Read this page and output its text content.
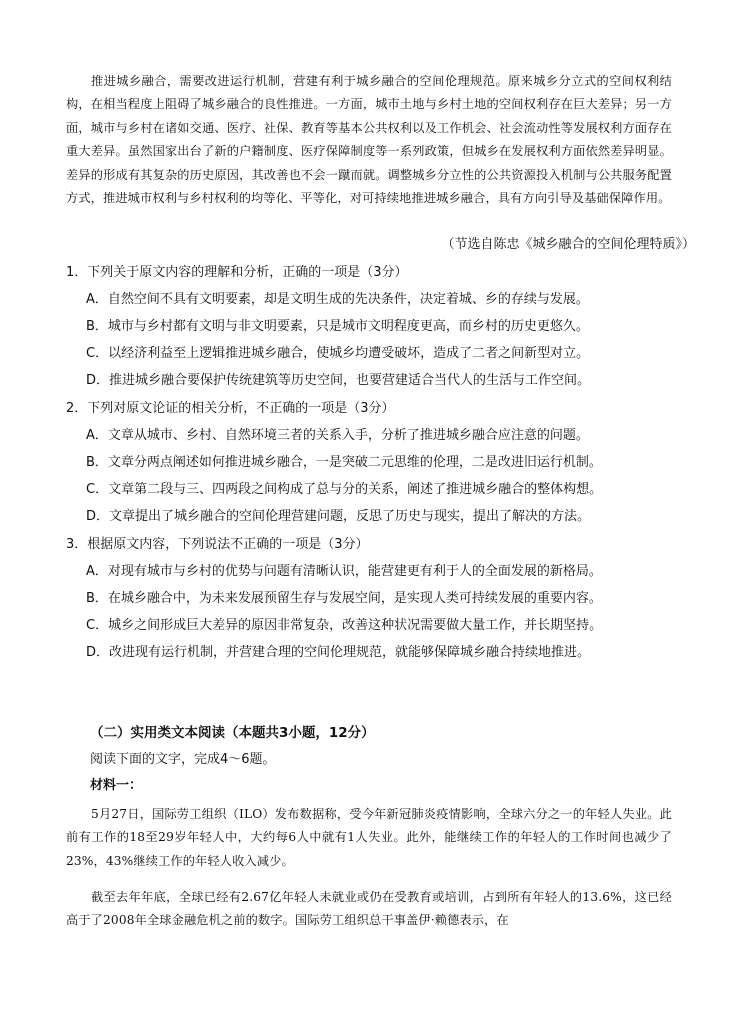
推进城乡融合，需要改进运行机制，营建有利于城乡融合的空间伦理规范。原来城乡分立式的空间权利结构，在相当程度上阻碍了城乡融合的良性推进。一方面，城市土地与乡村土地的空间权利存在巨大差异；另一方面，城市与乡村在诸如交通、医疗、社保、教育等基本公共权利以及工作机会、社会流动性等发展权利方面存在重大差异。虽然国家出台了新的户籍制度、医疗保障制度等一系列政策，但城乡在发展权利方面依然差异明显。差异的形成有其复杂的历史原因，其改善也不会一蹴而就。调整城乡分立性的公共资源投入机制与公共服务配置方式，推进城市权利与乡村权利的均等化、平等化，对可持续地推进城乡融合，具有方向引导及基础保障作用。

（节选自陈忠《城乡融合的空间伦理特质》）
1．下列关于原文内容的理解和分析，正确的一项是（3分）
A．自然空间不具有文明要素，却是文明生成的先决条件，决定着城、乡的存续与发展。
B．城市与乡村都有文明与非文明要素，只是城市文明程度更高，而乡村的历史更悠久。
C．以经济利益至上逻辑推进城乡融合，使城乡均遭受破坏，造成了二者之间新型对立。
D．推进城乡融合要保护传统建筑等历史空间，也要营建适合当代人的生活与工作空间。
2．下列对原文论证的相关分析，不正确的一项是（3分）
A．文章从城市、乡村、自然环境三者的关系入手，分析了推进城乡融合应注意的问题。
B．文章分两点阐述如何推进城乡融合，一是突破二元思维的伦理，二是改进旧运行机制。
C．文章第二段与三、四两段之间构成了总与分的关系，阐述了推进城乡融合的整体构想。
D．文章提出了城乡融合的空间伦理营建问题，反思了历史与现实，提出了解决的方法。
3．根据原文内容，下列说法不正确的一项是（3分）
A．对现有城市与乡村的优势与问题有清晰认识，能营建更有利于人的全面发展的新格局。
B．在城乡融合中，为未来发展预留生存与发展空间，是实现人类可持续发展的重要内容。
C．城乡之间形成巨大差异的原因非常复杂，改善这种状况需要做大量工作，并长期坚持。
D．改进现有运行机制，并营建合理的空间伦理规范，就能够保障城乡融合持续地推进。
（二）实用类文本阅读（本题共3小题，12分）
阅读下面的文字，完成4～6题。
材料一：

5月27日，国际劳工组织（ILO）发布数据称，受今年新冠肺炎疫情影响，全球六分之一的年轻人失业。此前有工作的18至29岁年轻人中，大约每6人中就有1人失业。此外，能继续工作的年轻人的工作时间也减少了23%，43%继续工作的年轻人收入减少。

截至去年年底，全球已经有2.67亿年轻人未就业或仍在受教育或培训，占到所有年轻人的13.6%，这已经高于了2008年全球金融危机之前的数字。国际劳工组织总干事盖伊·赖德表示，在
